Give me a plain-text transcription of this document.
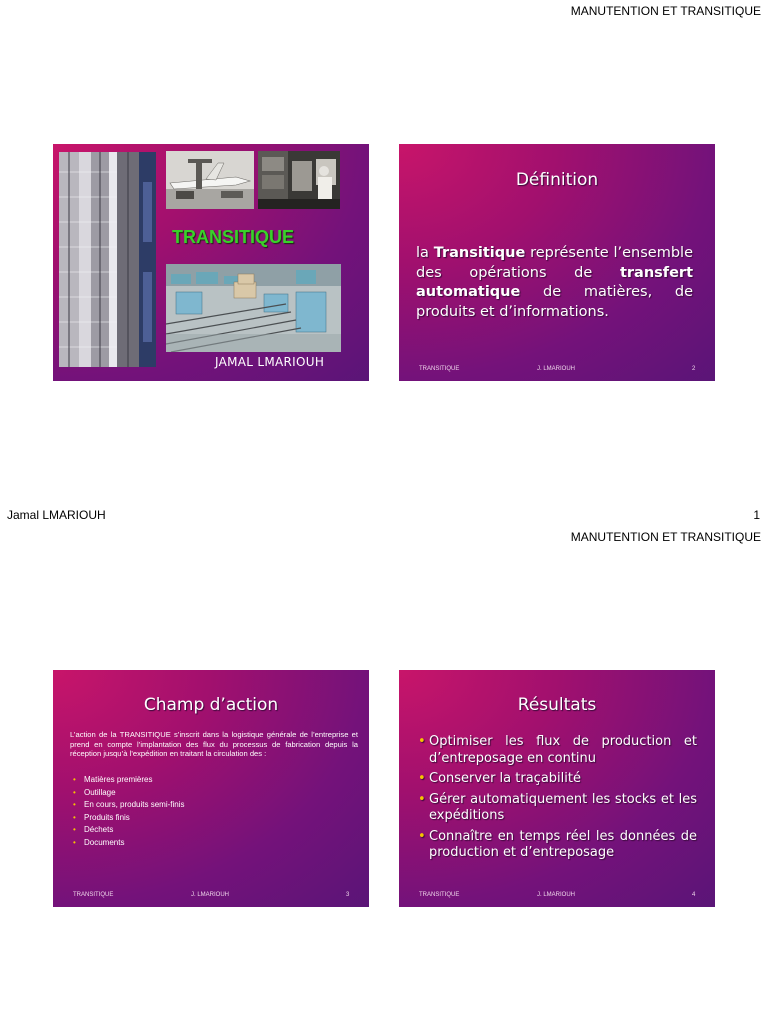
MANUTENTION ET TRANSITIQUE
Jamal LMARIOUH	1
MANUTENTION ET TRANSITIQUE
TRANSITIQUE
JAMAL LMARIOUH
Définition
la Transitique représente l’ensemble des opérations de transfert automatique de matières, de produits et d’informations.
TRANSITIQUE	J. LMARIOUH	2
Champ d’action
L’action de la TRANSITIQUE s’inscrit dans la logistique générale de l’entreprise et prend en compte l’implantation des flux du processus de fabrication depuis la réception jusqu’à l’expédition en traitant la circulation des :
• Matières premières
• Outillage
• En cours, produits semi-finis
• Produits finis
• Déchets
• Documents
TRANSITIQUE	J. LMARIOUH	3
Résultats
• Optimiser les flux de production et d’entreposage en continu
• Conserver la traçabilité
• Gérer automatiquement les stocks et les expéditions
• Connaître en temps réel les données de production et d’entreposage
TRANSITIQUE	J. LMARIOUH	4
